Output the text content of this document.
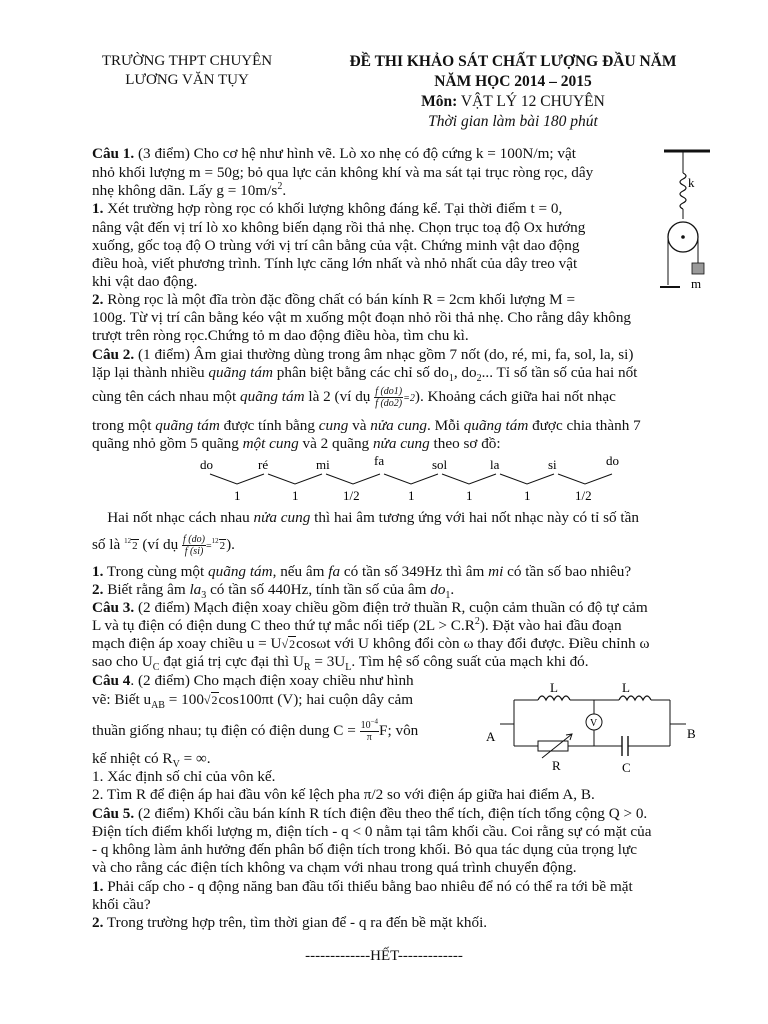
TRƯỜNG THPT CHUYÊN
LƯƠNG VĂN TỤY
ĐỀ THI KHẢO SÁT CHẤT LƯỢNG ĐẦU NĂM
NĂM HỌC 2014 – 2015
Môn: VẬT LÝ 12 CHUYÊN
Thời gian làm bài 180 phút

Câu 1. (3 điểm) Cho cơ hệ như hình vẽ. Lò xo nhẹ có độ cứng k = 100N/m; vật

nhỏ khối lượng m = 50g; bỏ qua lực cản không khí và ma sát tại trục ròng rọc, dây

nhẹ không dãn. Lấy $g = 10m/s^2$.

1. Xét trường hợp ròng rọc có khối lượng không đáng kể. Tại thời điểm t = 0,

nâng vật đến vị trí lò xo không biến dạng rồi thả nhẹ. Chọn trục toạ độ Ox hướng

xuống, gốc toạ độ O trùng với vị trí cân bằng của vật. Chứng minh vật dao động

điều hoà, viết phương trình. Tính lực căng lớn nhất và nhỏ nhất của dây treo vật

khi vật dao động.

2. Ròng rọc là một đĩa tròn đặc đồng chất có bán kính R = 2cm khối lượng M =

100g. Từ vị trí cân bằng kéo vật m xuống một đoạn nhỏ rồi thả nhẹ. Cho rằng dây không

trượt trên ròng rọc.Chứng tỏ m dao động điều hòa, tìm chu kì.

k
m

Câu 2. (1 điểm) Âm giai thường dùng trong âm nhạc gồm 7 nốt (do, ré, mi, fa, sol, la, si)

lặp lại thành nhiều quãng tám phân biệt bằng các chỉ số $do_1$, $do_2$... Tỉ số tần số của hai nốt

cùng tên cách nhau một quãng tám là 2 (ví dụ $\frac{f (do1)}{f (do2)} =2$). Khoảng cách giữa hai nốt nhạc

trong một quãng tám được tính bằng cung và nửa cung. Mỗi quãng tám được chia thành 7

quãng nhỏ gồm 5 quãng một cung và 2 quãng nửa cung theo sơ đồ:

do	ré	mi	fa	sol	la	si	do
1	1	1/2	1	1	1	1/2

Hai nốt nhạc cách nhau nửa cung thì hai âm tương ứng với hai nốt nhạc này có tỉ số tần

số là $^{12}$2 (ví dụ $\frac{f (do)}{f (si)} =^{12}2$).

1. Trong cùng một quãng tám, nếu âm fa có tần số 349Hz thì âm mi có tần số bao nhiêu?

2. Biết rằng âm $la_3$ có tần số 440Hz, tính tần số của âm $do_1$.

Câu 3. (2 điểm) Mạch điện xoay chiều gồm điện trở thuần R, cuộn cảm thuần có độ tự cảm

L và tụ điện có điện dung C theo thứ tự mắc nối tiếp $(2L > C.R^2)$. Đặt vào hai đầu đoạn

mạch điện áp xoay chiều u = U√2cosωt với U không đổi còn ω thay đổi được. Điều chỉnh ω

sao cho $U_C$ đạt giá trị cực đại thì $U_R = 3U_L$. Tìm hệ số công suất của mạch khi đó.

Câu 4. (2 điểm) Cho mạch điện xoay chiều như hình

vẽ: Biết $u_{AB} = 100√2\cos 100\pi t$ (V); hai cuộn dây cảm

thuần giống nhau; tụ điện có điện dung $C = \frac{10^{-4}}{\pi} F$; vôn

kế nhiệt có $R_V$ = ∞.

1. Xác định số chỉ của vôn kế.

2. Tìm R để điện áp hai đầu vôn kế lệch pha π/2 so với điện áp giữa hai điểm A, B.

V
L	L
A	B
R	C

Câu 5. (2 điểm) Khối cầu bán kính R tích điện đều theo thể tích, điện tích tổng cộng Q > 0.

Điện tích điểm khối lượng m, điện tích - q < 0 nằm tại tâm khối cầu. Coi rằng sự có mặt của

- q không làm ảnh hưởng đến phân bố điện tích trong khối. Bỏ qua tác dụng của trọng lực

và cho rằng các điện tích không va chạm với nhau trong quá trình chuyển động.

1. Phải cấp cho - q động năng ban đầu tối thiểu bằng bao nhiêu để nó có thể ra tới bề mặt

khối cầu?

2. Trong trường hợp trên, tìm thời gian để - q ra đến bề mặt khối.

-------------HẾT-------------
